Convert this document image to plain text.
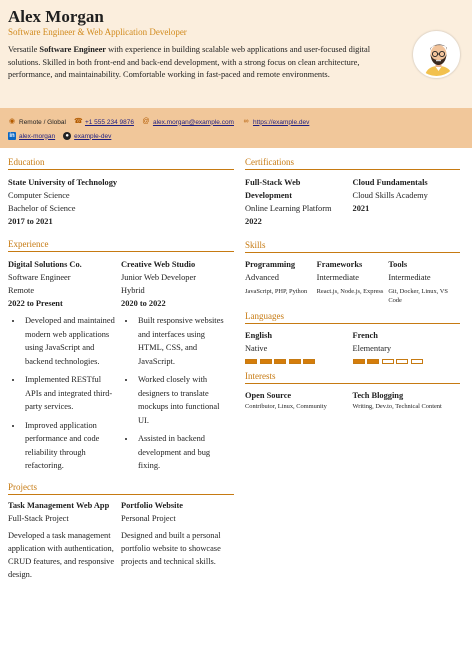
Alex Morgan
Software Engineer & Web Application Developer
Versatile Software Engineer with experience in building scalable web applications and user-focused digital solutions. Skilled in both front-end and back-end development, with a strong focus on clean architecture, performance, and maintainability. Comfortable working in fast-paced and remote environments.
◉ Remote / Global ☎ +1 555 234 9876 @ alex.morgan@example.com ∞ https://example.dev
in alex-morgan	● example-dev
Education
State University of Technology
Computer Science
Bachelor of Science
2017 to 2021
Experience
Digital Solutions Co.
Software Engineer
Remote
2022 to Present
• Developed and maintained modern web applications using JavaScript and backend technologies.
• Implemented RESTful APIs and integrated third-party services.
• Improved application performance and code reliability through refactoring.
Creative Web Studio
Junior Web Developer
Hybrid
2020 to 2022
• Built responsive websites and interfaces using HTML, CSS, and JavaScript.
• Worked closely with designers to translate mockups into functional UI.
• Assisted in backend development and bug fixing.
Projects
Task Management Web App
Full-Stack Project
Developed a task management application with authentication, CRUD features, and responsive design.
Portfolio Website
Personal Project
Designed and built a personal portfolio website to showcase projects and technical skills.
Certifications
Full-Stack Web Development
Online Learning Platform
2022
Cloud Fundamentals
Cloud Skills Academy
2021
Skills
Programming
Advanced
JavaScript, PHP, Python
Frameworks
Intermediate
React.js, Node.js, Express
Tools
Intermediate
Git, Docker, Linux, VS Code
Languages
English
Native
French
Elementary
Interests
Open Source
Contributor, Linux, Community
Tech Blogging
Writing, Dev.to, Technical Content
